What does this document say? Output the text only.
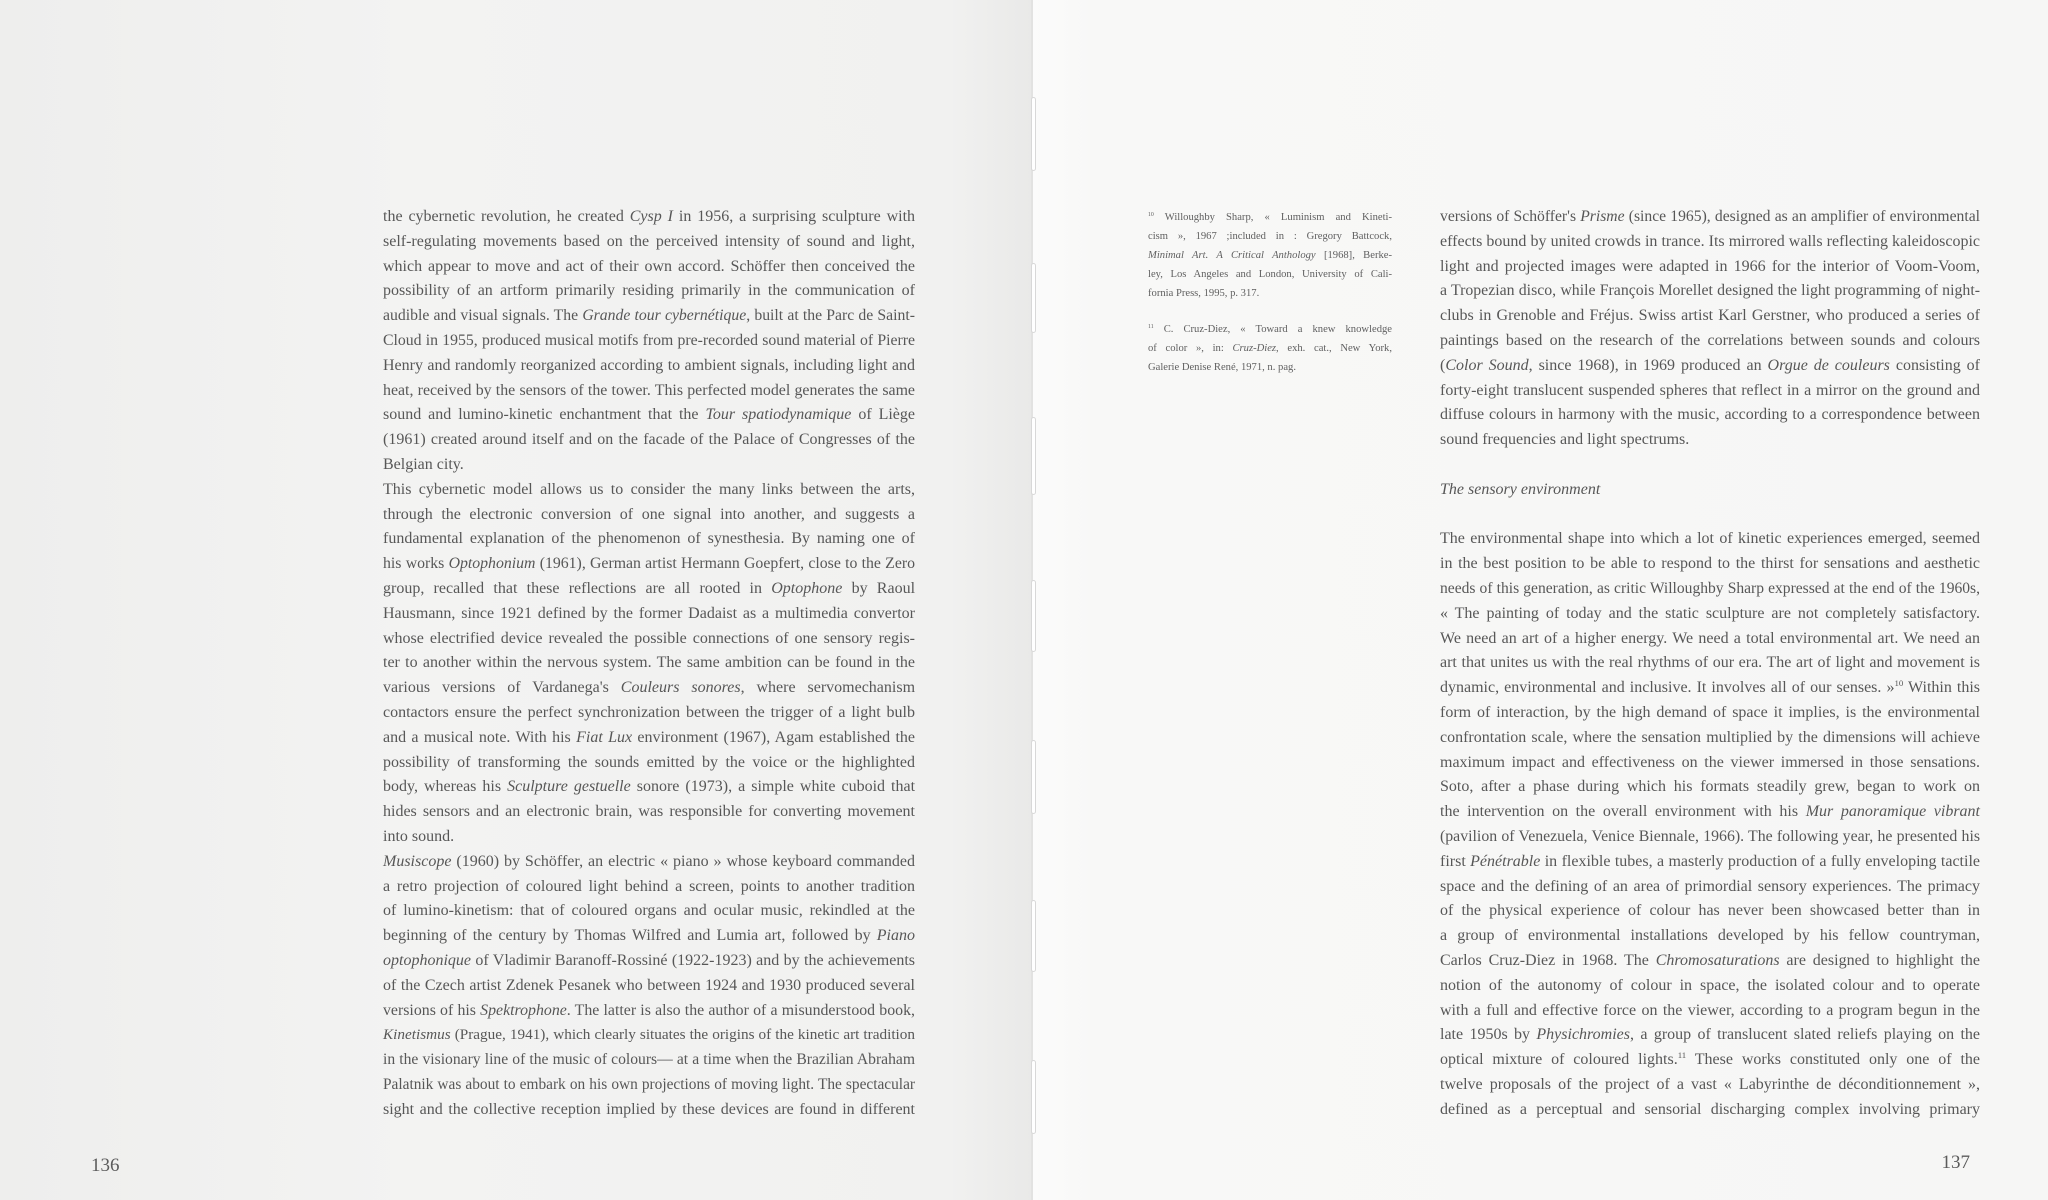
the cybernetic revolution, he created Cysp I in 1956, a surprising sculpture with
self-regulating movements based on the perceived intensity of sound and light,
which appear to move and act of their own accord. Schöffer then conceived the
possibility of an artform primarily residing primarily in the communication of
audible and visual signals. The Grande tour cybernétique, built at the Parc de Saint-
Cloud in 1955, produced musical motifs from pre-recorded sound material of Pierre
Henry and randomly reorganized according to ambient signals, including light and
heat, received by the sensors of the tower. This perfected model generates the same
sound and lumino-kinetic enchantment that the Tour spatiodynamique of Liège
(1961) created around itself and on the facade of the Palace of Congresses of the
Belgian city.
This cybernetic model allows us to consider the many links between the arts,
through the electronic conversion of one signal into another, and suggests a
fundamental explanation of the phenomenon of synesthesia. By naming one of
his works Optophonium (1961), German artist Hermann Goepfert, close to the Zero
group, recalled that these reflections are all rooted in Optophone by Raoul
Hausmann, since 1921 defined by the former Dadaist as a multimedia convertor
whose electrified device revealed the possible connections of one sensory regis-
ter to another within the nervous system. The same ambition can be found in the
various versions of Vardanega's Couleurs sonores, where servomechanism
contactors ensure the perfect synchronization between the trigger of a light bulb
and a musical note. With his Fiat Lux environment (1967), Agam established the
possibility of transforming the sounds emitted by the voice or the highlighted
body, whereas his Sculpture gestuelle sonore (1973), a simple white cuboid that
hides sensors and an electronic brain, was responsible for converting movement
into sound.
Musiscope (1960) by Schöffer, an electric « piano » whose keyboard commanded
a retro projection of coloured light behind a screen, points to another tradition
of lumino-kinetism: that of coloured organs and ocular music, rekindled at the
beginning of the century by Thomas Wilfred and Lumia art, followed by Piano
optophonique of Vladimir Baranoff-Rossiné (1922-1923) and by the achievements
of the Czech artist Zdenek Pesanek who between 1924 and 1930 produced several
versions of his Spektrophone. The latter is also the author of a misunderstood book,
Kinetismus (Prague, 1941), which clearly situates the origins of the kinetic art tradition
in the visionary line of the music of colours— at a time when the Brazilian Abraham
Palatnik was about to embark on his own projections of moving light. The spectacular
sight and the collective reception implied by these devices are found in different
$^{10}$ Willoughby Sharp, « Luminism and Kineti-
cism », 1967 ;included in : Gregory Battcock,
Minimal Art. A Critical Anthology [1968], Berke-
ley, Los Angeles and London, University of Cali-
fornia Press, 1995, p. 317.
$^{11}$ C. Cruz-Diez, « Toward a knew knowledge
of color », in: Cruz-Diez, exh. cat., New York,
Galerie Denise René, 1971, n. pag.
versions of Schöffer's Prisme (since 1965), designed as an amplifier of environmental
effects bound by united crowds in trance. Its mirrored walls reflecting kaleidoscopic
light and projected images were adapted in 1966 for the interior of Voom-Voom,
a Tropezian disco, while François Morellet designed the light programming of night-
clubs in Grenoble and Fréjus. Swiss artist Karl Gerstner, who produced a series of
paintings based on the research of the correlations between sounds and colours
(Color Sound, since 1968), in 1969 produced an Orgue de couleurs consisting of
forty-eight translucent suspended spheres that reflect in a mirror on the ground and
diffuse colours in harmony with the music, according to a correspondence between
sound frequencies and light spectrums.
The sensory environment
The environmental shape into which a lot of kinetic experiences emerged, seemed
in the best position to be able to respond to the thirst for sensations and aesthetic
needs of this generation, as critic Willoughby Sharp expressed at the end of the 1960s,
« The painting of today and the static sculpture are not completely satisfactory.
We need an art of a higher energy. We need a total environmental art. We need an
art that unites us with the real rhythms of our era. The art of light and movement is
dynamic, environmental and inclusive. It involves all of our senses. »$^{10}$ Within this
form of interaction, by the high demand of space it implies, is the environmental
confrontation scale, where the sensation multiplied by the dimensions will achieve
maximum impact and effectiveness on the viewer immersed in those sensations.
Soto, after a phase during which his formats steadily grew, began to work on
the intervention on the overall environment with his Mur panoramique vibrant
(pavilion of Venezuela, Venice Biennale, 1966). The following year, he presented his
first Pénétrable in flexible tubes, a masterly production of a fully enveloping tactile
space and the defining of an area of primordial sensory experiences. The primacy
of the physical experience of colour has never been showcased better than in
a group of environmental installations developed by his fellow countryman,
Carlos Cruz-Diez in 1968. The Chromosaturations are designed to highlight the
notion of the autonomy of colour in space, the isolated colour and to operate
with a full and effective force on the viewer, according to a program begun in the
late 1950s by Physichromies, a group of translucent slated reliefs playing on the
optical mixture of coloured lights.$^{11}$ These works constituted only one of the
twelve proposals of the project of a vast « Labyrinthe de déconditionnement »,
defined as a perceptual and sensorial discharging complex involving primary
136	137
